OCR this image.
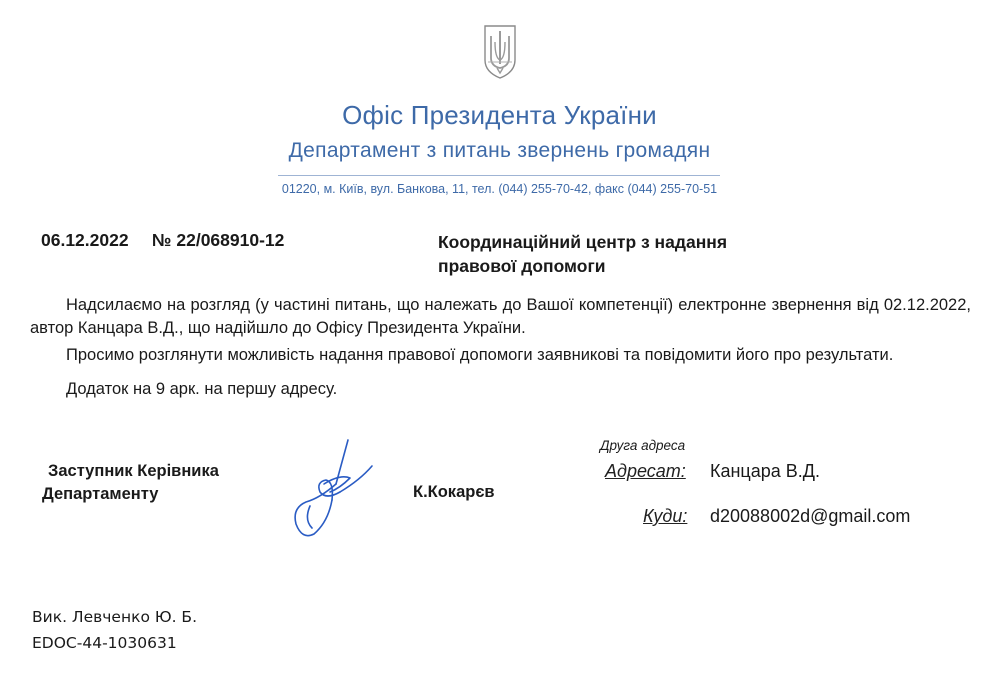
Офіс Президента України
Департамент з питань звернень громадян
01220, м. Київ, вул. Банкова, 11, тел. (044) 255-70-42, факс (044) 255-70-51
06.12.2022 № 22/068910-12	Координаційний центр з надання правової допомоги
Надсилаємо на розгляд (у частині питань, що належать до Вашої компетенції) електронне звернення від 02.12.2022, автор Канцара В.Д., що надійшло до Офісу Президента України.
Просимо розглянути можливість надання правової допомоги заявникові та повідомити його про результати.
Додаток на 9 арк. на першу адресу.
Заступник Керівника
Департаменту	К.Кокарєв
Друга адреса
Адресат: Канцара В.Д.
Куди: d20088002d@gmail.com
Вик. Левченко Ю. Б.
EDOC-44-1030631
